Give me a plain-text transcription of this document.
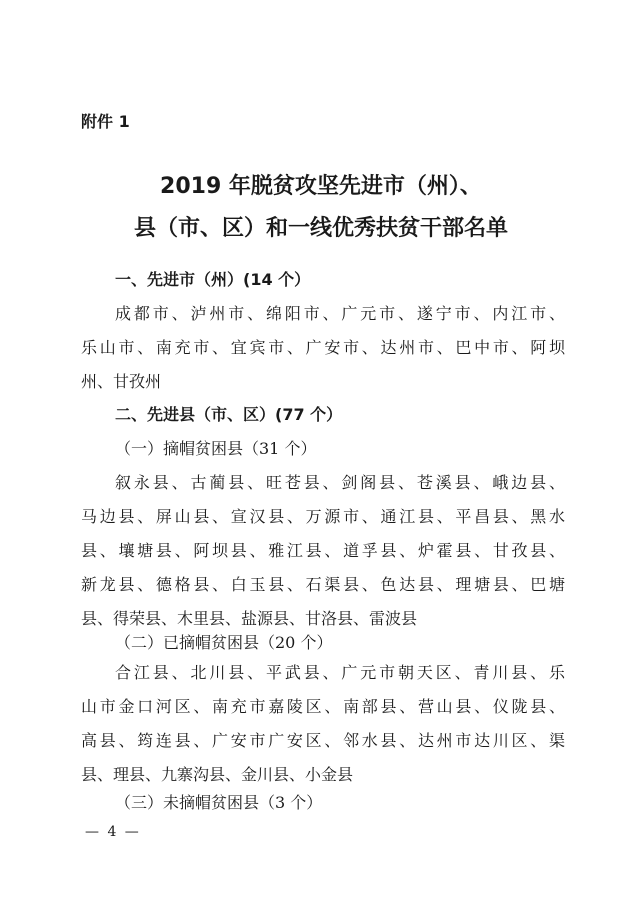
附件 1
2019 年脱贫攻坚先进市（州）、
县（市、区）和一线优秀扶贫干部名单
一、先进市（州）(14 个）
成都市、泸州市、绵阳市、广元市、遂宁市、内江市、
乐山市、南充市、宜宾市、广安市、达州市、巴中市、阿坝
州、甘孜州
二、先进县（市、区）(77 个）
（一）摘帽贫困县（31 个）
叙永县、古蔺县、旺苍县、剑阁县、苍溪县、峨边县、
马边县、屏山县、宣汉县、万源市、通江县、平昌县、黑水
县、壤塘县、阿坝县、雅江县、道孚县、炉霍县、甘孜县、
新龙县、德格县、白玉县、石渠县、色达县、理塘县、巴塘
县、得荣县、木里县、盐源县、甘洛县、雷波县
（二）已摘帽贫困县（20 个）
合江县、北川县、平武县、广元市朝天区、青川县、乐
山市金口河区、南充市嘉陵区、南部县、营山县、仪陇县、
高县、筠连县、广安市广安区、邻水县、达州市达川区、渠
县、理县、九寨沟县、金川县、小金县
（三）未摘帽贫困县（3 个）
— 4 —
